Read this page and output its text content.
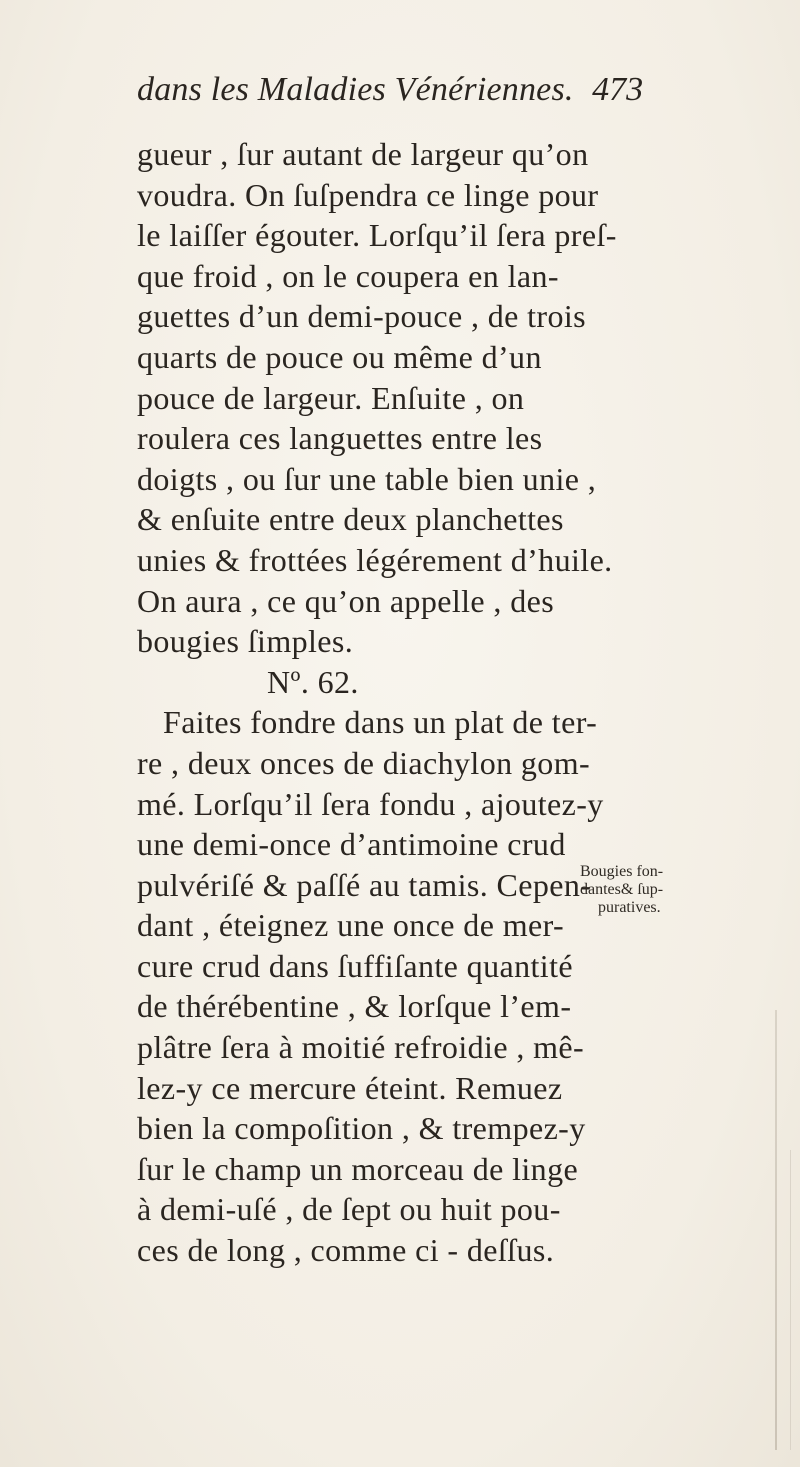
dans les Maladies Vénériennes. 473
gueur , ſur autant de largeur qu’on
voudra. On ſuſpendra ce linge pour
le laiſſer égouter. Lorſqu’il ſera preſ-
que froid , on le coupera en lan-
guettes d’un demi-pouce , de trois
quarts de pouce ou même d’un
pouce de largeur. Enſuite , on
roulera ces languettes entre les
doigts , ou ſur une table bien unie ,
& enſuite entre deux planchettes
unies & frottées légérement d’huile.
On aura , ce qu’on appelle , des
bougies ſimples.
Nº. 62.
Faites fondre dans un plat de ter-
re , deux onces de diachylon gom-
mé. Lorſqu’il ſera fondu , ajoutez-y
une demi-once d’antimoine crud
pulvériſé & paſſé au tamis. Cepen-
dant , éteignez une once de mer-
cure crud dans ſuffiſante quantité
de thérébentine , & lorſque l’em-
plâtre ſera à moitié refroidie , mê-
lez-y ce mercure éteint. Remuez
bien la compoſition , & trempez-y
ſur le champ un morceau de linge
à demi-uſé , de ſept ou huit pou-
ces de long , comme ci - deſſus.
Bougies fon-
dantes& ſup-
puratives.
